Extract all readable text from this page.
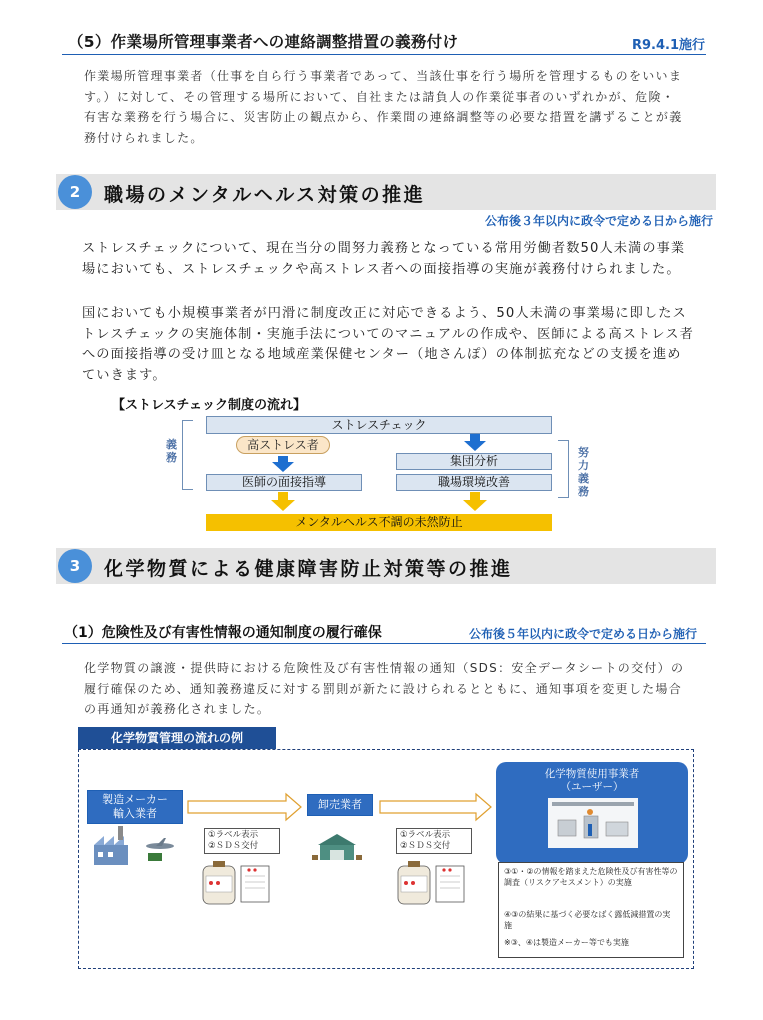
（5）作業場所管理事業者への連絡調整措置の義務付け	R9.4.1施行
作業場所管理事業者（仕事を自ら行う事業者であって、当該仕事を行う場所を管理するものをいいます。）に対して、その管理する場所において、自社または請負人の作業従事者のいずれかが、危険・有害な業務を行う場合に、災害防止の観点から、作業間の連絡調整等の必要な措置を講ずることが義務付けられました。
2	職場のメンタルヘルス対策の推進
公布後３年以内に政令で定める日から施行
ストレスチェックについて、現在当分の間努力義務となっている常用労働者数50人未満の事業場においても、ストレスチェックや高ストレス者への面接指導の実施が義務付けられました。
国においても小規模事業者が円滑に制度改正に対応できるよう、50人未満の事業場に即したストレスチェックの実施体制・実施手法についてのマニュアルの作成や、医師による高ストレス者への面接指導の受け皿となる地域産業保健センター（地さんぽ）の体制拡充などの支援を進めていきます。
【ストレスチェック制度の流れ】
義務	努力義務
ストレスチェック
高ストレス者
集団分析
医師の面接指導	職場環境改善
メンタルヘルス不調の未然防止
3	化学物質による健康障害防止対策等の推進
（1）危険性及び有害性情報の通知制度の履行確保	公布後５年以内に政令で定める日から施行
化学物質の譲渡・提供時における危険性及び有害性情報の通知（SDS：安全データシートの交付）の履行確保のため、通知義務違反に対する罰則が新たに設けられるとともに、通知事項を変更した場合の再通知が義務化されました。
化学物質管理の流れの例
製造メーカー
輸入業者
卸売業者
①ラベル表示
②ＳＤＳ交付
①ラベル表示
②ＳＤＳ交付
化学物質使用事業者
（ユーザー）
③①・②の情報を踏まえた危険性及び有害性等の調査（リスクアセスメント）の実施
④③の結果に基づく必要なばく露低減措置の実施
※③、④は製造メーカー等でも実施
